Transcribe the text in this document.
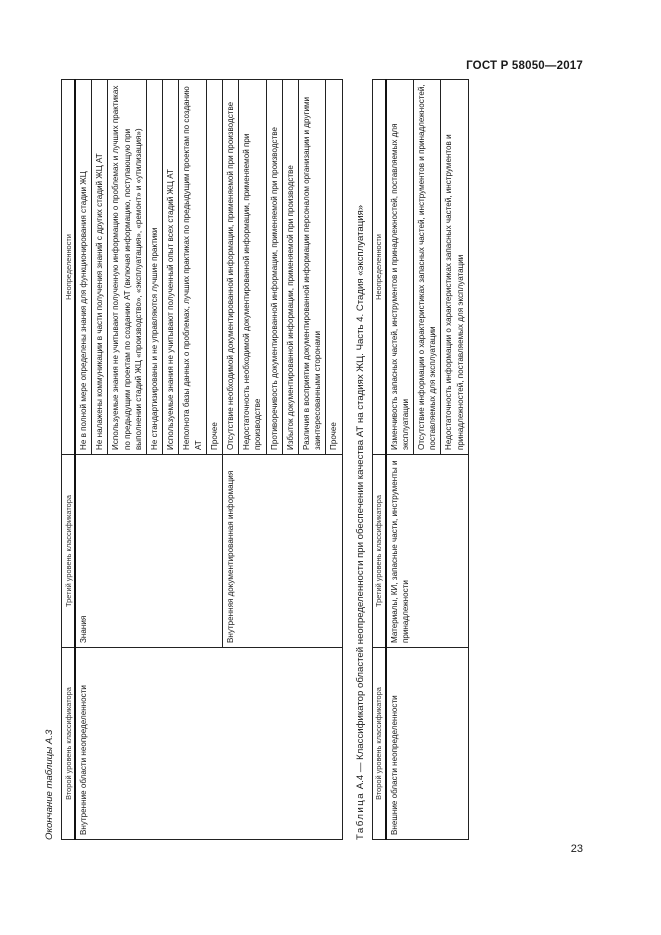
ГОСТ Р 58050—2017

Окончание таблицы А.3 Второй уровень классификатора	Третий уровень классификатора	Неопределенности
Внутренние области неопределенности	Знания	Не в полной мере определены знания для функционирования стадии ЖЦ
		Не налажены коммуникации в части получения знаний с других стадий ЖЦ АТ
		Используемые знания не учитывают полученную информацию о проблемах и лучших практиках по предыдущим проектам по созданию АТ (включая информацию, поступающую при выполнении стадий ЖЦ «производство», «эксплуатация», «ремонт» и «утилизация»)
		Не стандартизированы и не управляются лучшие практики
		Используемые знания не учитывают полученный опыт всех стадий ЖЦ АТ
		Неполнота базы данных о проблемах, лучших практиках по предыдущим проектам по созданию АТ
		Прочее
	Внутренняя документированная информация	Отсутствие необходимой документированной информации, применяемой при производстве
		Недостаточность необходимой документированной информации, применяемой при производстве
		Противоречивость документированной информации, применяемой при производстве
		Избыток документированной информации, применяемой при производстве
		Различия в восприятии документированной информации персоналом организации и другими заинтересованными сторонами
		Прочее

Таблица А.4 — Классификатор областей неопределенности при обеспечении качества АТ на стадиях ЖЦ. Часть 4. Стадия «эксплуатация» Второй уровень классификатора	Третий уровень классификатора	Неопределенности
Внешние области неопределенности	Материалы, КИ, запасные части, инструменты и принадлежности	Изменчивость запасных частей, инструментов и принадлежностей, поставляемых для эксплуатации
		Отсутствие информации о характеристиках запасных частей, инструментов и принадлежностей, поставляемых для эксплуатации
		Недостаточность информации о характеристиках запасных частей, инструментов и принадлежностей, поставляемых для эксплуатации
23
